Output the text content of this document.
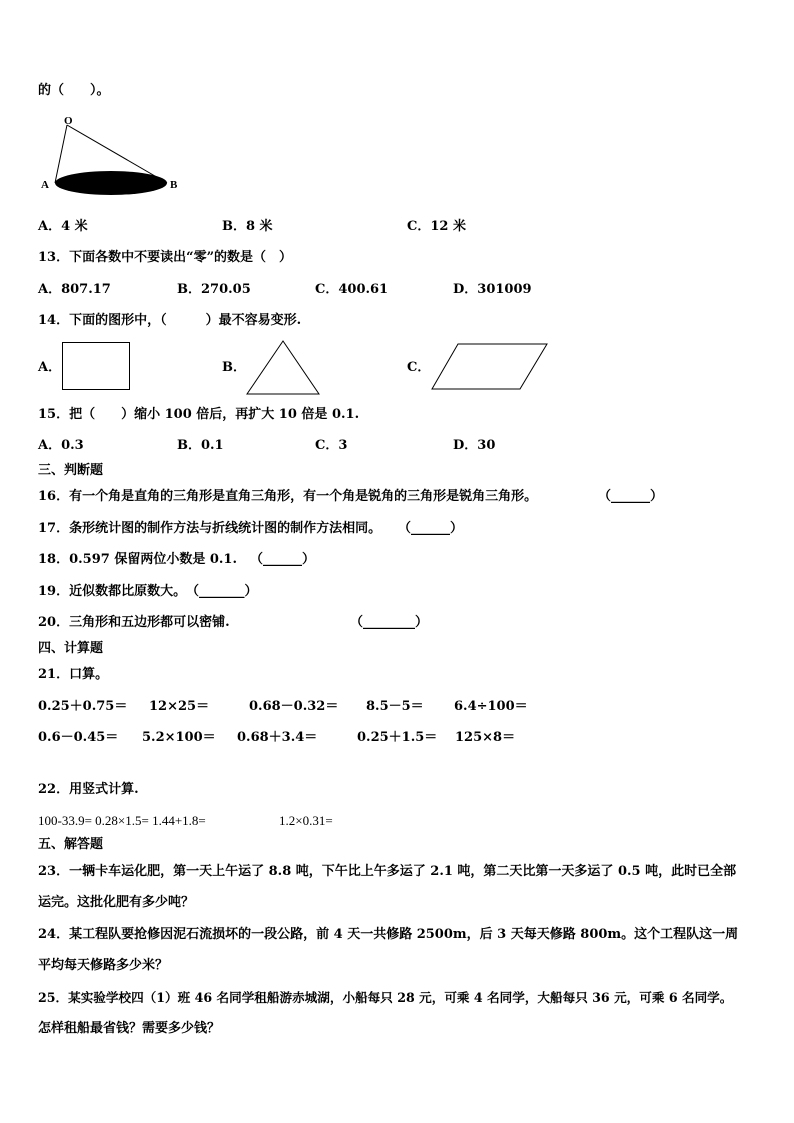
的（　　）。
O
A	B
A．4 米	B．8 米	C．12 米
13．下面各数中不要读出“零”的数是（　）
A．807.17	B．270.05	C．400.61	D．301009
14．下面的图形中，（　　　）最不容易变形.
A．	B．	C．
15．把（　　）缩小 100 倍后，再扩大 10 倍是 0.1.
A．0.3	B．0.1	C．3	D．30
三、判断题
16．有一个角是直角的三角形是直角三角形，有一个角是锐角的三角形是锐角三角形。	（______）
17．条形统计图的制作方法与折线统计图的制作方法相同。 （______）
18．0.597 保留两位小数是 0.1. （______）
19．近似数都比原数大。 （_______）
20．三角形和五边形都可以密铺.	（________）
四、计算题
21．口算。
0.25＋0.75＝ 12×25＝	0.68－0.32＝ 8.5－5＝ 6.4÷100＝
0.6－0.45＝ 5.2×100＝ 0.68＋3.4＝	0.25＋1.5＝ 125×8＝
22．用竖式计算.
100-33.9= 0.28×1.5= 1.44+1.8=	1.2×0.31=
五、解答题
23．一辆卡车运化肥，第一天上午运了 8.8 吨，下午比上午多运了 2.1 吨，第二天比第一天多运了 0.5 吨，此时已全部
运完。这批化肥有多少吨？
24．某工程队要抢修因泥石流损坏的一段公路，前 4 天一共修路 2500m，后 3 天每天修路 800m。这个工程队这一周
平均每天修路多少米？
25．某实验学校四（1）班 46 名同学租船游赤城湖，小船每只 28 元，可乘 4 名同学，大船每只 36 元，可乘 6 名同学。
怎样租船最省钱？需要多少钱？
